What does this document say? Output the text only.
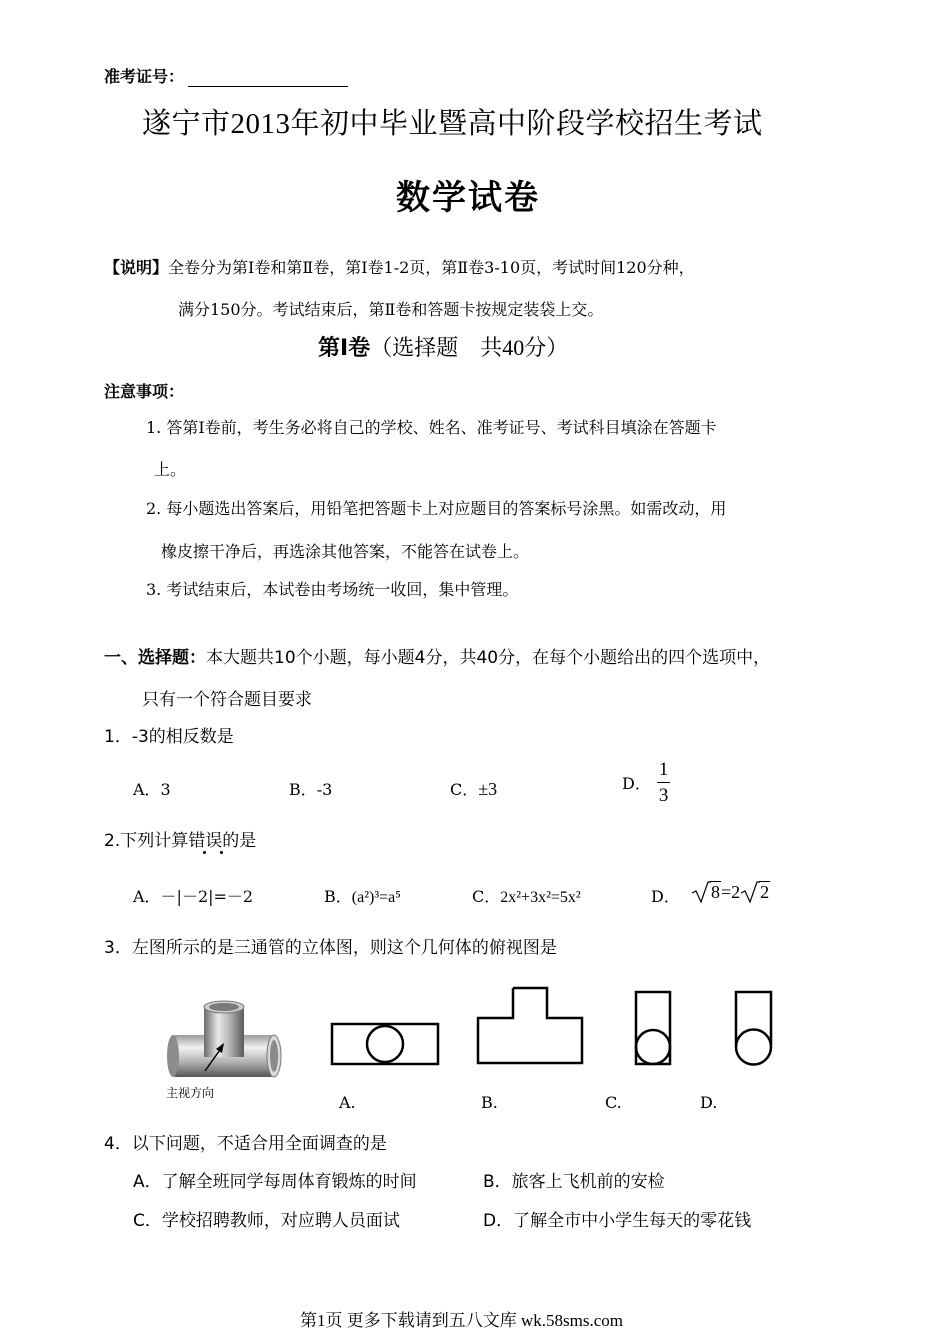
准考证号：
遂宁市2013年初中毕业暨高中阶段学校招生考试
数学试卷
【说明】全卷分为第Ⅰ卷和第Ⅱ卷，第Ⅰ卷1-2页，第Ⅱ卷3-10页，考试时间120分种，
满分150分。考试结束后，第Ⅱ卷和答题卡按规定装袋上交。
第Ⅰ卷（选择题　共40分）
注意事项：
1. 答第Ⅰ卷前，考生务必将自己的学校、姓名、准考证号、考试科目填涂在答题卡
上。
2. 每小题选出答案后，用铅笔把答题卡上对应题目的答案标号涂黑。如需改动，用
橡皮擦干净后，再选涂其他答案，不能答在试卷上。
3. 考试结束后，本试卷由考场统一收回，集中管理。
一、选择题：本大题共10个小题，每小题4分，共40分，在每个小题给出的四个选项中，
只有一个符合题目要求
1．-3的相反数是
A．3	B．-3	C．±3	D． $\frac{1}{3}$
2.下列计算错误的是
A．－|－2|=－2	B．(a²)³=a⁵	C．2x²+3x²=5x²	D．	8=2 2
3．左图所示的是三通管的立体图，则这个几何体的俯视图是
主视方向	A.	B.	C.	D.
4．以下问题，不适合用全面调查的是
A．了解全班同学每周体育锻炼的时间	B．旅客上飞机前的安检
C．学校招聘教师，对应聘人员面试	D．了解全市中小学生每天的零花钱
第1页 更多下载请到五八文库 wk.58sms.com
